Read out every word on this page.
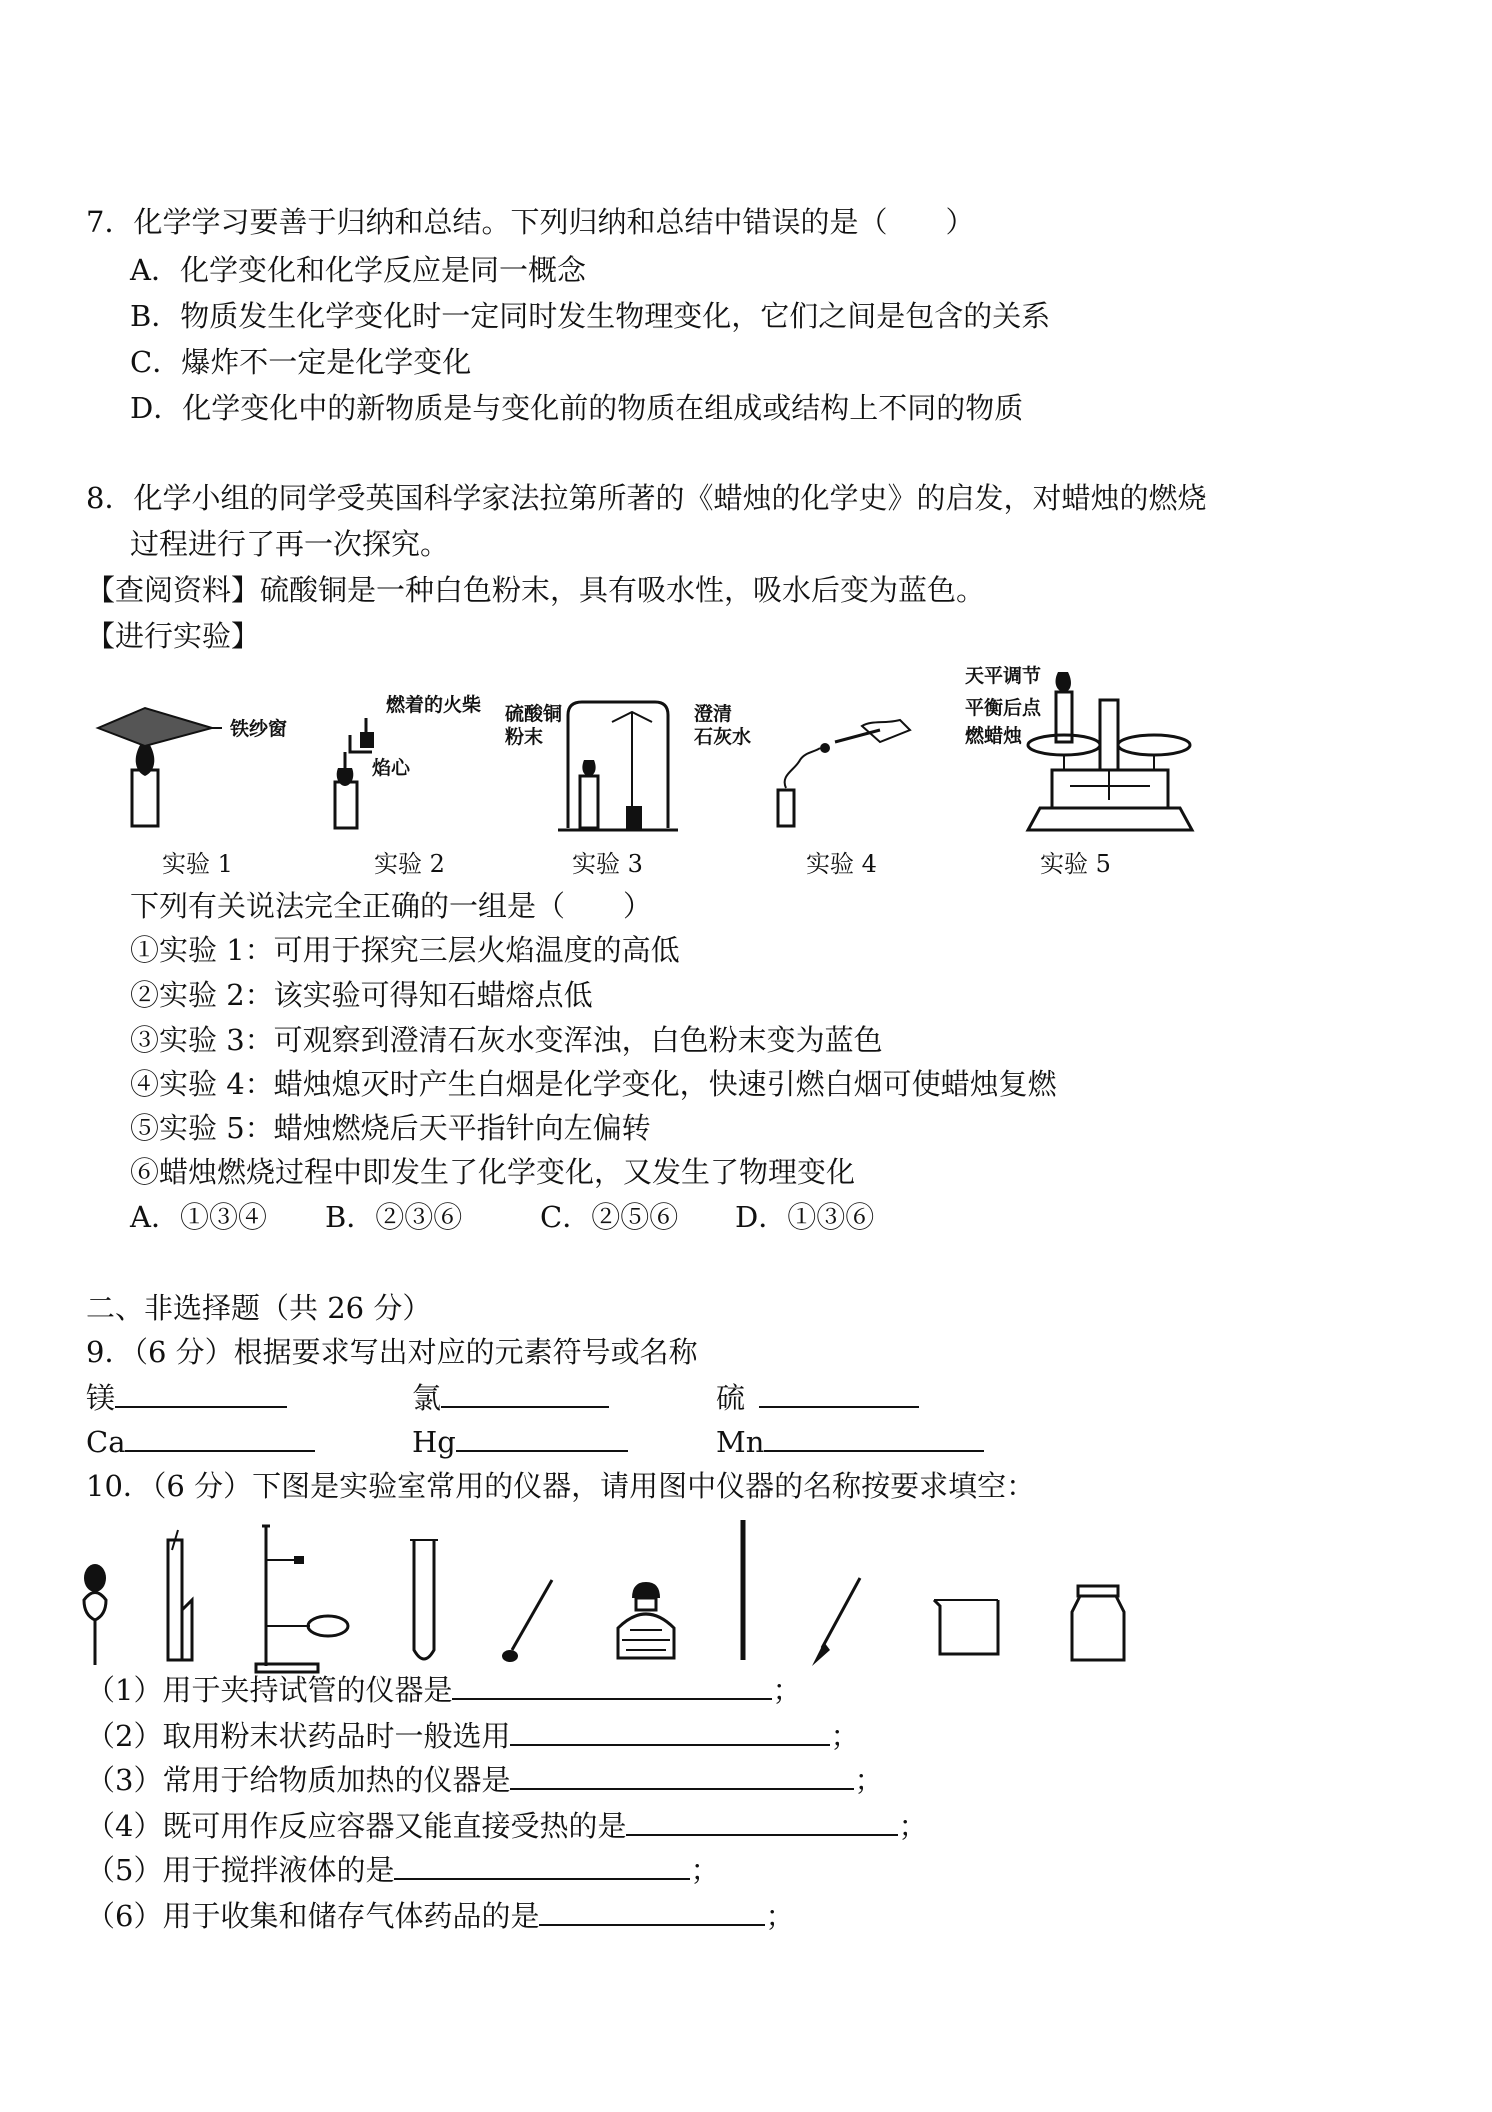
7．化学学习要善于归纳和总结。下列归纳和总结中错误的是（　　）
A．化学变化和化学反应是同一概念
B．物质发生化学变化时一定同时发生物理变化，它们之间是包含的关系
C．爆炸不一定是化学变化
D．化学变化中的新物质是与变化前的物质在组成或结构上不同的物质
8．化学小组的同学受英国科学家法拉第所著的《蜡烛的化学史》的启发，对蜡烛的燃烧
过程进行了再一次探究。
【查阅资料】硫酸铜是一种白色粉末，具有吸水性，吸水后变为蓝色。
【进行实验】
铁纱窗
燃着的火柴
焰心
硫酸铜
粉末
澄清
石灰水
天平调节
平衡后点
燃蜡烛
实验 1	实验 2	实验 3	实验 4	实验 5
下列有关说法完全正确的一组是（　　）
①实验 1：可用于探究三层火焰温度的高低
②实验 2：该实验可得知石蜡熔点低
③实验 3：可观察到澄清石灰水变浑浊，白色粉末变为蓝色
④实验 4：蜡烛熄灭时产生白烟是化学变化，快速引燃白烟可使蜡烛复燃
⑤实验 5：蜡烛燃烧后天平指针向左偏转
⑥蜡烛燃烧过程中即发生了化学变化，又发生了物理变化
A．①③④ B．②③⑥	C．②⑤⑥ D．①③⑥
二、非选择题（共 26 分）
9．（6 分）根据要求写出对应的元素符号或名称
镁	氯	硫
Ca	Hg	Mn
10．（6 分）下图是实验室常用的仪器，请用图中仪器的名称按要求填空：
（1）用于夹持试管的仪器是	；
（2）取用粉末状药品时一般选用	；
（3）常用于给物质加热的仪器是	；
（4）既可用作反应容器又能直接受热的是	；
（5）用于搅拌液体的是	；
（6）用于收集和储存气体药品的是	；
